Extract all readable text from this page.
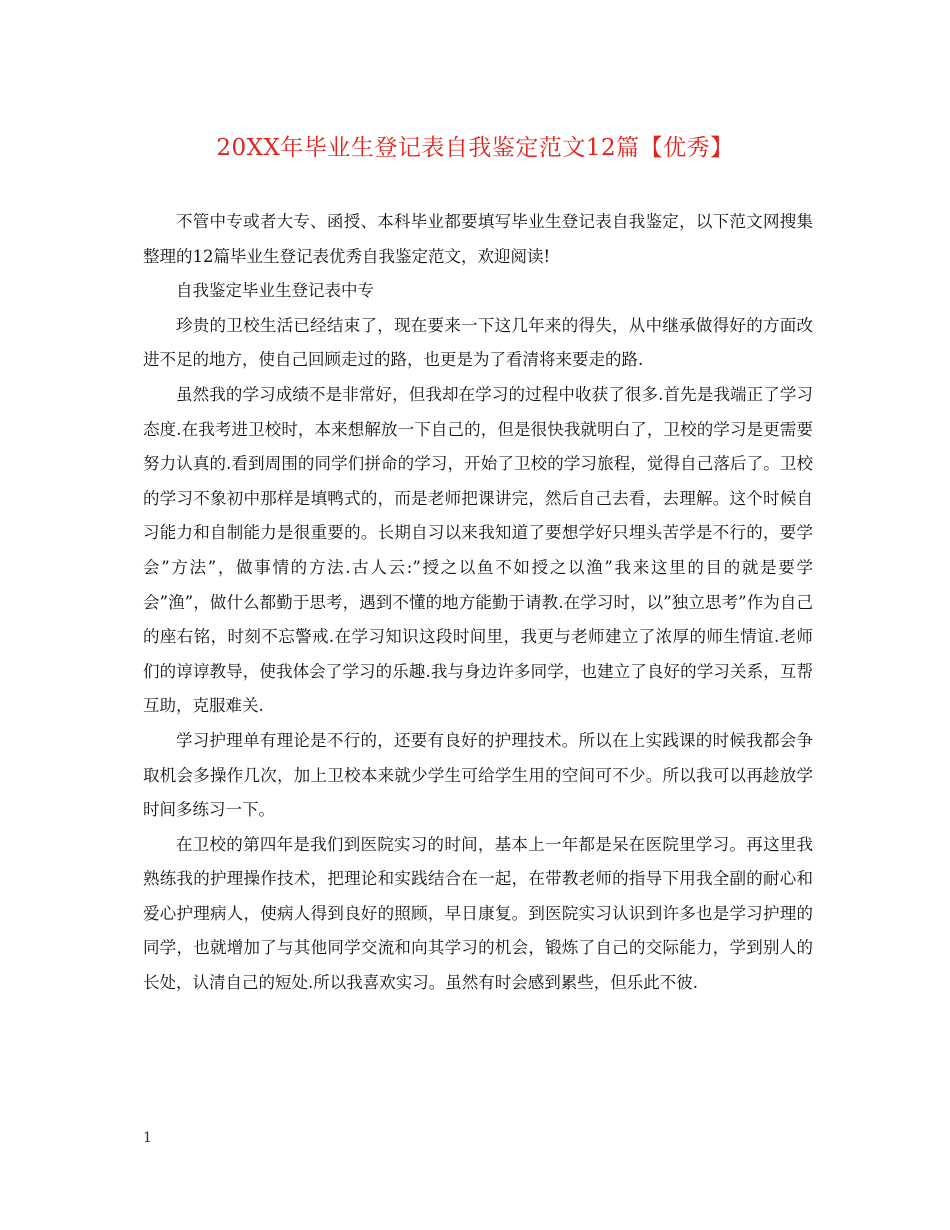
20XX年毕业生登记表自我鉴定范文12篇【优秀】

不管中专或者大专、函授、本科毕业都要填写毕业生登记表自我鉴定，以下范文网搜集整理的12篇毕业生登记表优秀自我鉴定范文，欢迎阅读!

自我鉴定毕业生登记表中专

珍贵的卫校生活已经结束了，现在要来一下这几年来的得失，从中继承做得好的方面改进不足的地方，使自己回顾走过的路，也更是为了看清将来要走的路.

虽然我的学习成绩不是非常好，但我却在学习的过程中收获了很多.首先是我端正了学习态度.在我考进卫校时，本来想解放一下自己的，但是很快我就明白了，卫校的学习是更需要努力认真的.看到周围的同学们拼命的学习，开始了卫校的学习旅程，觉得自己落后了。卫校的学习不象初中那样是填鸭式的，而是老师把课讲完，然后自己去看，去理解。这个时候自习能力和自制能力是很重要的。长期自习以来我知道了要想学好只埋头苦学是不行的，要学会”方法”，做事情的方法.古人云:”授之以鱼不如授之以渔”我来这里的目的就是要学会”渔”，做什么都勤于思考，遇到不懂的地方能勤于请教.在学习时，以”独立思考”作为自己的座右铭，时刻不忘警戒.在学习知识这段时间里，我更与老师建立了浓厚的师生情谊.老师们的谆谆教导，使我体会了学习的乐趣.我与身边许多同学，也建立了良好的学习关系，互帮互助，克服难关.

学习护理单有理论是不行的，还要有良好的护理技术。所以在上实践课的时候我都会争取机会多操作几次，加上卫校本来就少学生可给学生用的空间可不少。所以我可以再趁放学时间多练习一下。

在卫校的第四年是我们到医院实习的时间，基本上一年都是呆在医院里学习。再这里我熟练我的护理操作技术，把理论和实践结合在一起，在带教老师的指导下用我全副的耐心和爱心护理病人，使病人得到良好的照顾，早日康复。到医院实习认识到许多也是学习护理的同学，也就增加了与其他同学交流和向其学习的机会，锻炼了自己的交际能力，学到别人的长处，认清自己的短处.所以我喜欢实习。虽然有时会感到累些，但乐此不彼.

1
